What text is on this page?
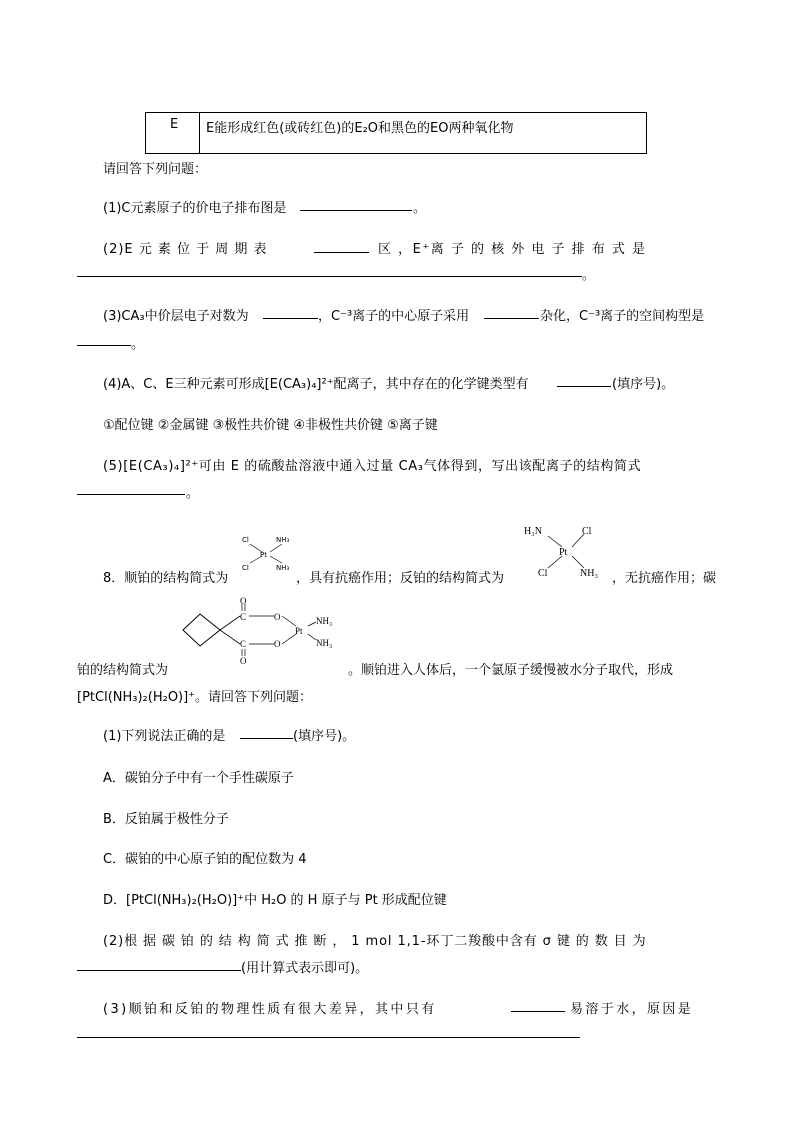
E E能形成红色(或砖红色)的E₂O和黑色的EO两种氧化物
请回答下列问题：
(1)C元素原子的价电子排布图是	。
(2)E 元 素 位 于 周 期 表	区 ，E⁺离 子 的 核 外 电 子 排 布 式 是
。
(3)CA₃中价层电子对数为	，C⁻³离子的中心原子采用	杂化，C⁻³离子的空间构型是
。
(4)A、C、E三种元素可形成[E(CA₃)₄]²⁺配离子，其中存在的化学键类型有	(填序号)。
①配位键 ②金属键 ③极性共价键 ④非极性共价键 ⑤离子键
(5)[E(CA₃)₄]²⁺可由 E 的硫酸盐溶液中通入过量 CA₃气体得到，写出该配离子的结构简式
。
8．顺铂的结构简式为
Cl
Cl
Pt
NH₃
NH₃
，具有抗癌作用；反铂的结构简式为
H₃N	Cl
Pt
Cl	NH₃ ，无抗癌作用；碳
O
C
C
O
O
O
Pt
NH₃
NH₃
铂的结构简式为	。顺铂进入人体后，一个氯原子缓慢被水分子取代，形成
[PtCl(NH₃)₂(H₂O)]⁺。请回答下列问题：
(1)下列说法正确的是	(填序号)。
A．碳铂分子中有一个手性碳原子
B．反铂属于极性分子
C．碳铂的中心原子铂的配位数为 4
D．[PtCl(NH₃)₂(H₂O)]⁺中 H₂O 的 H 原子与 Pt 形成配位键
(2)根 据 碳 铂 的 结 构 简 式 推 断 ， 1 mol 1,1-环丁二羧酸中含有 σ 键 的 数 目 为
(用计算式表示即可)。
(3)顺铂和反铂的物理性质有很大差异，其中只有	易溶于水，原因是
